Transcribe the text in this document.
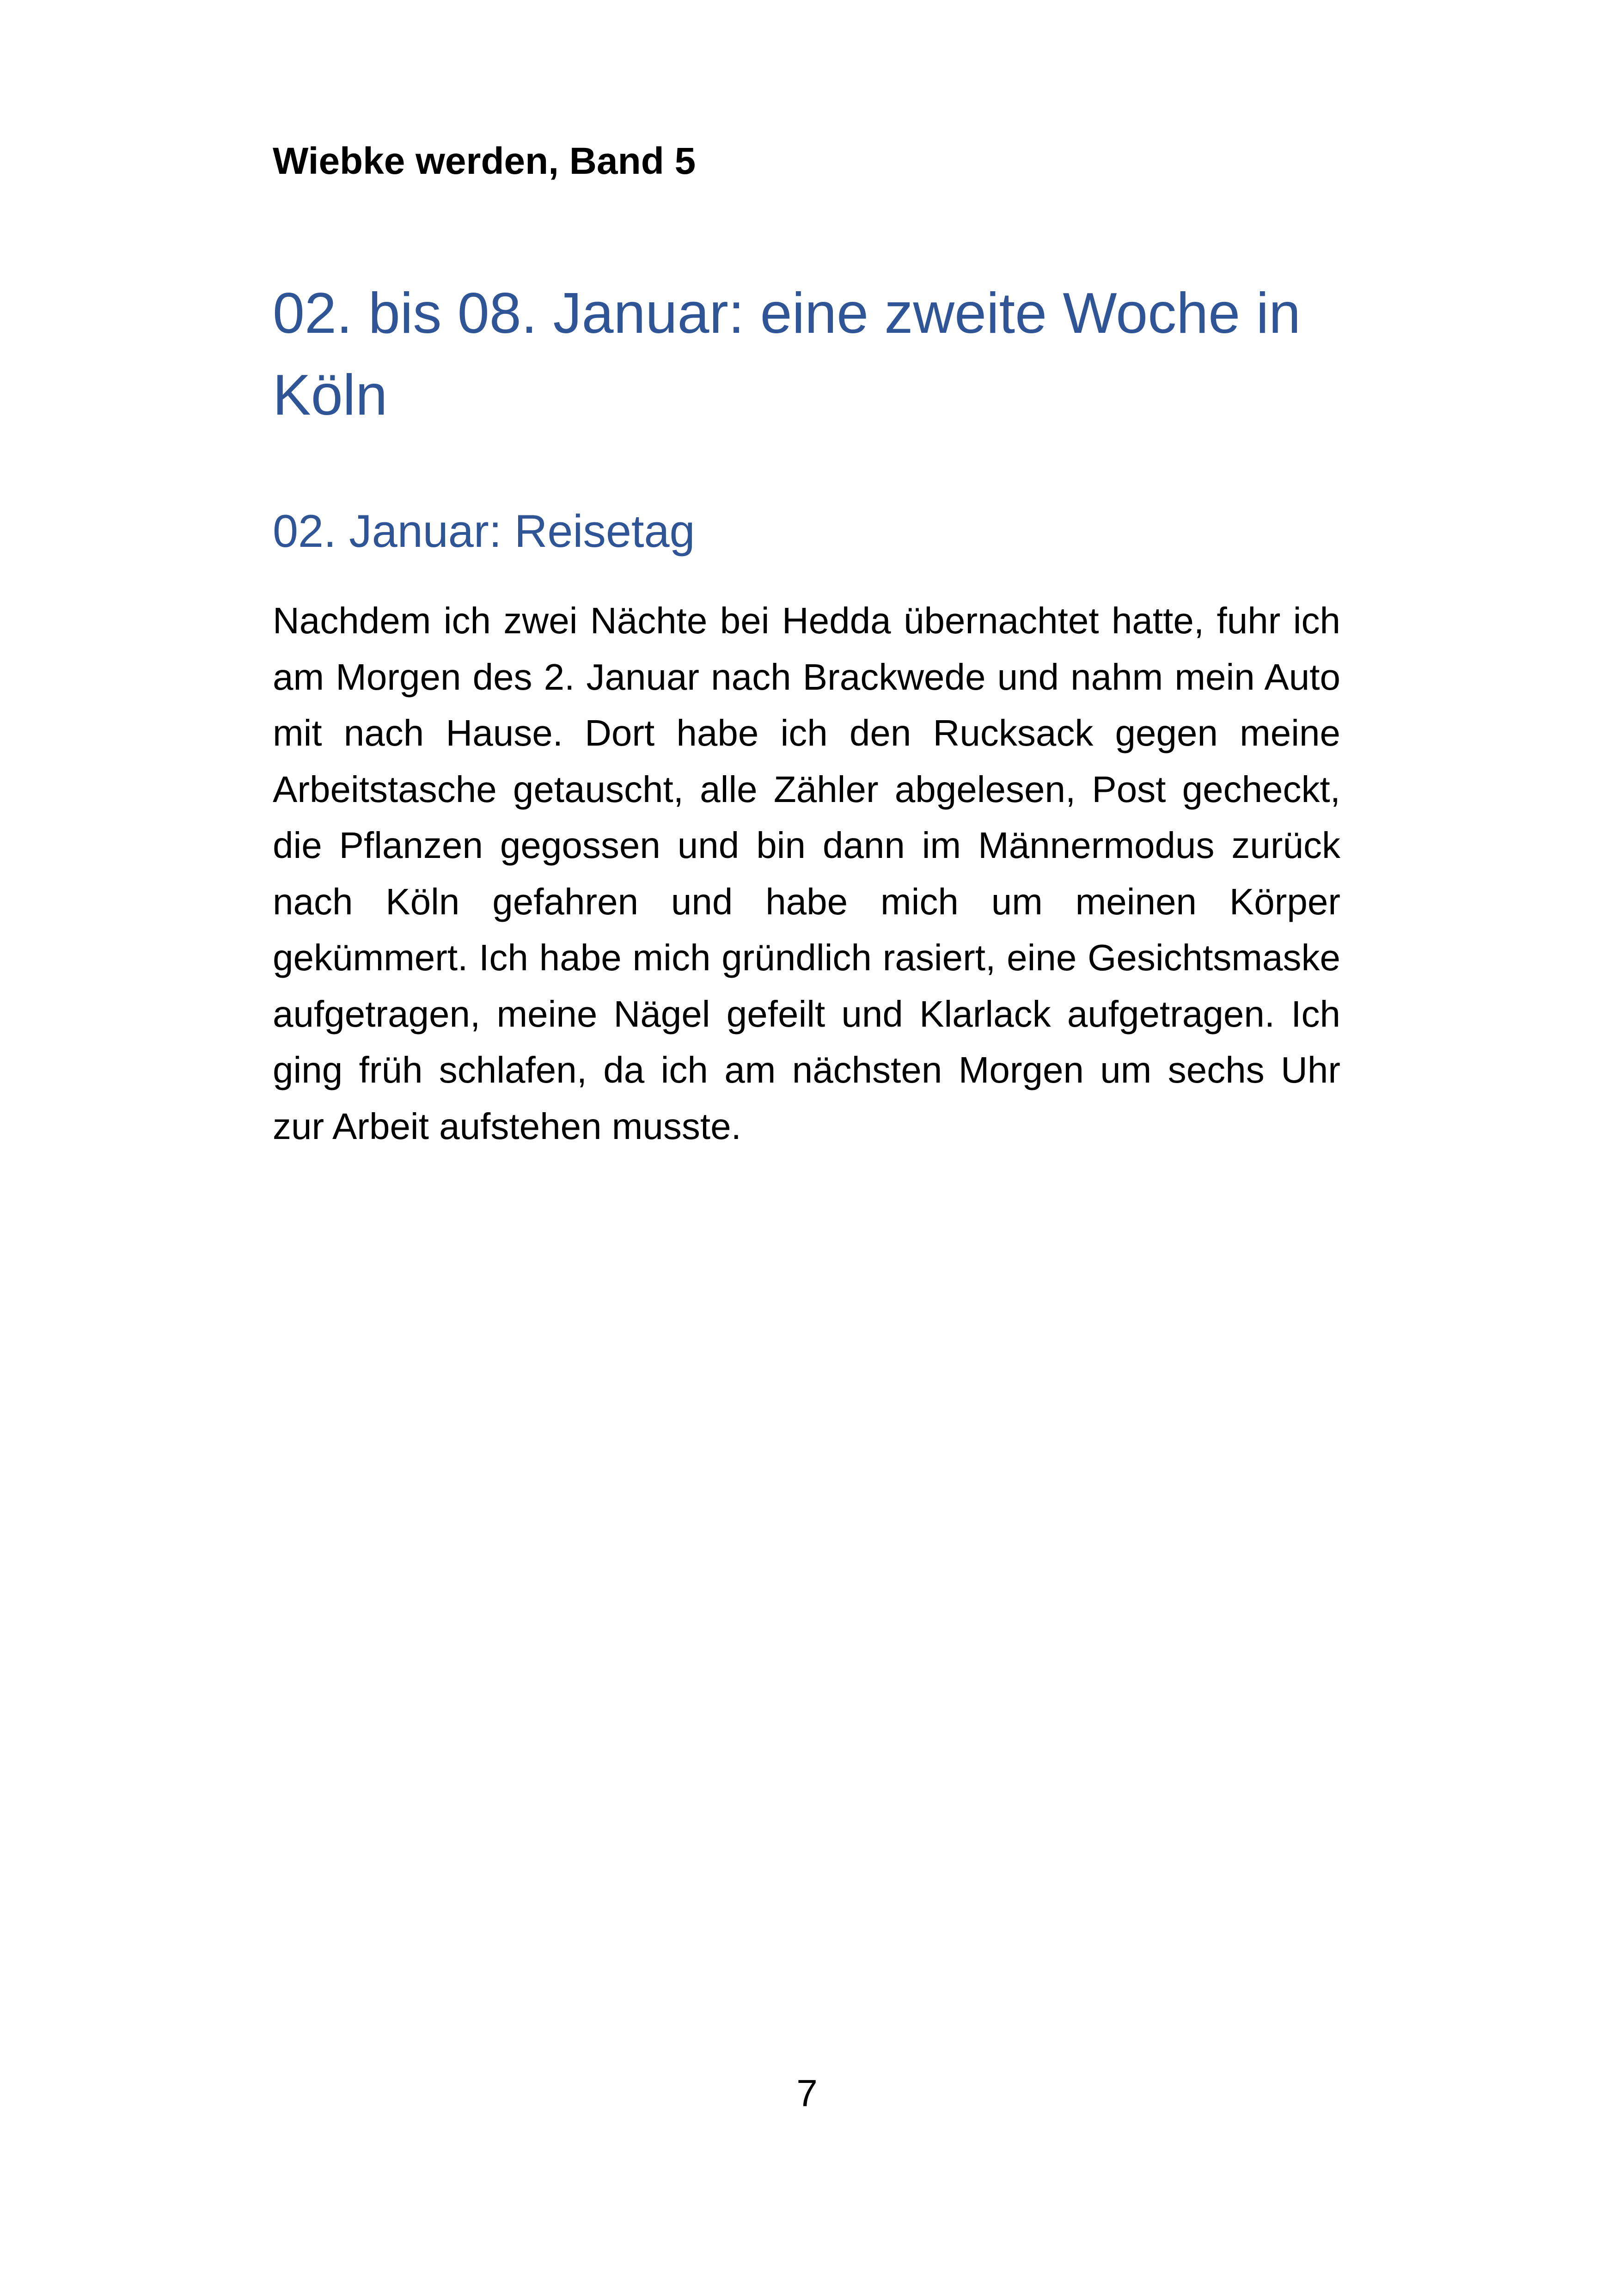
Wiebke werden, Band 5
02. bis 08. Januar: eine zweite Woche in Köln
02. Januar: Reisetag

Nachdem ich zwei Nächte bei Hedda übernachtet hatte, fuhr ich am Morgen des 2. Januar nach Brackwede und nahm mein Auto mit nach Hause. Dort habe ich den Rucksack gegen meine Arbeitstasche getauscht, alle Zähler abgelesen, Post gecheckt, die Pflanzen gegossen und bin dann im Männermodus zurück nach Köln gefahren und habe mich um meinen Körper gekümmert. Ich habe mich gründlich rasiert, eine Gesichtsmaske aufgetragen, meine Nägel gefeilt und Klarlack aufgetragen. Ich ging früh schlafen, da ich am nächsten Morgen um sechs Uhr zur Arbeit aufstehen musste.

7
